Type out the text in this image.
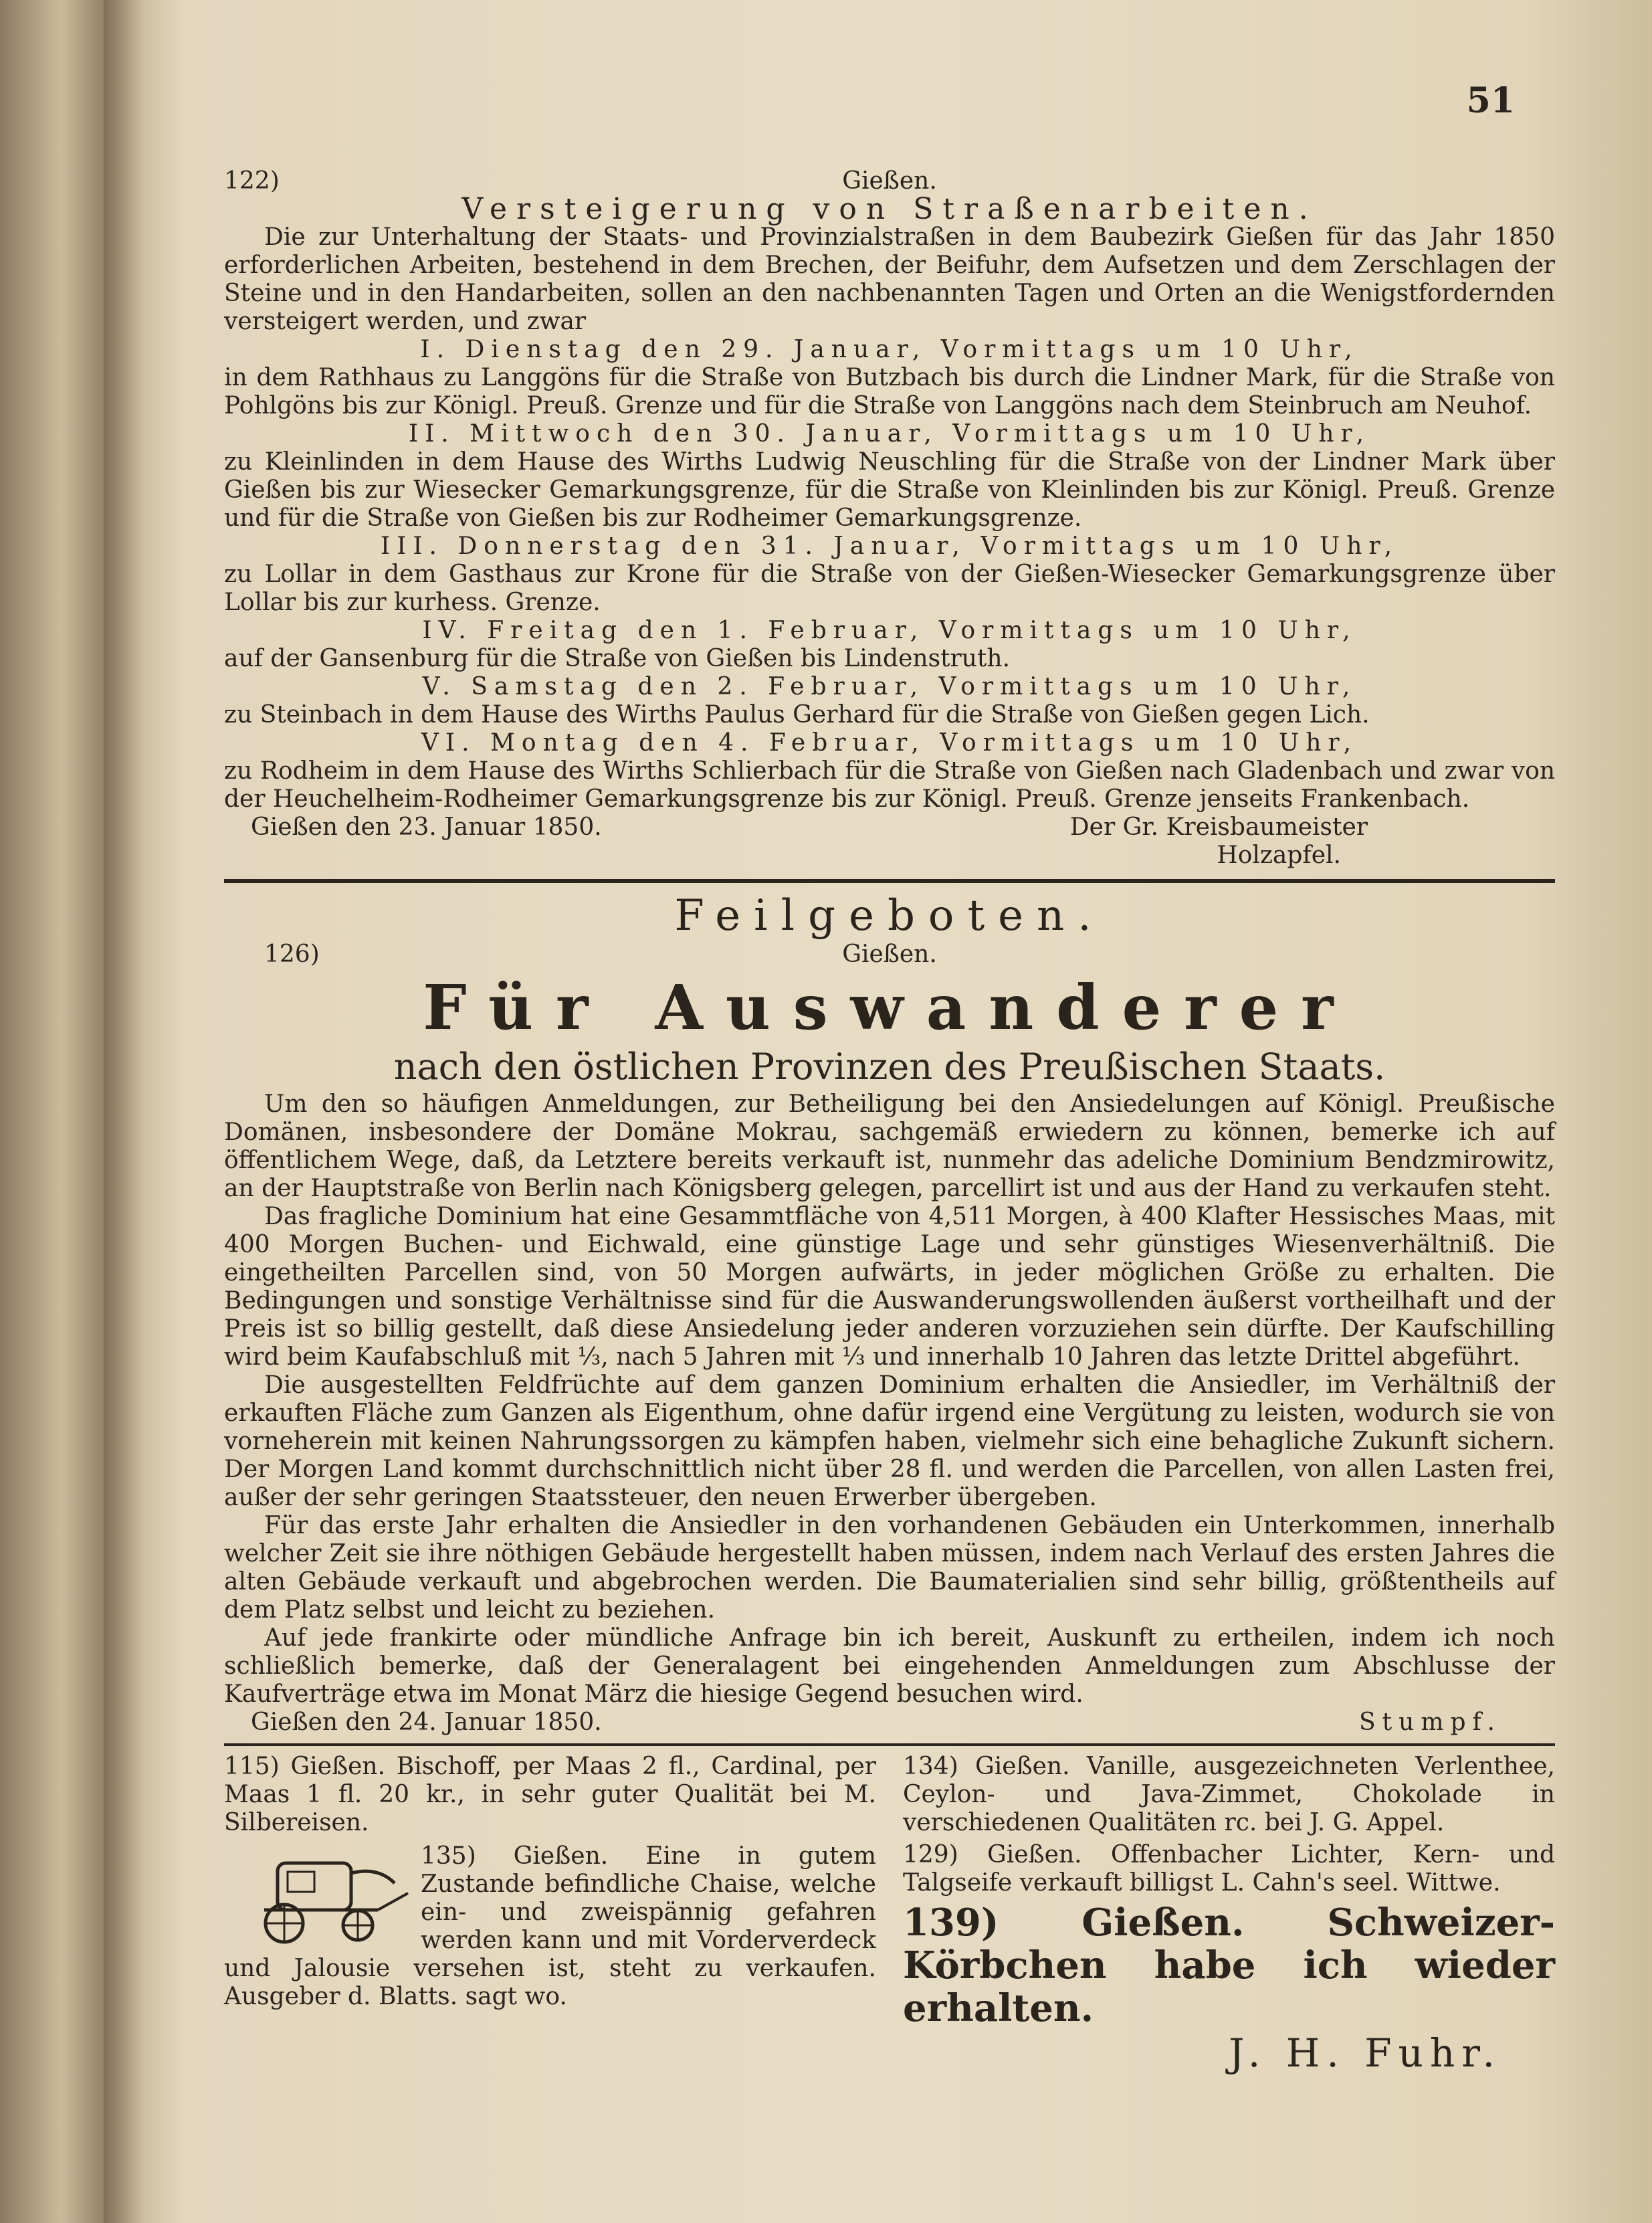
51
122)	Gießen.
Versteigerung von Straßenarbeiten.

Die zur Unterhaltung der Staats- und Provinzialstraßen in dem Baubezirk Gießen für das Jahr 1850 erforderlichen Arbeiten, bestehend in dem Brechen, der Beifuhr, dem Aufsetzen und dem Zerschlagen der Steine und in den Handarbeiten, sollen an den nachbenannten Tagen und Orten an die Wenigstfordernden versteigert werden, und zwar

I. Dienstag den 29. Januar, Vormittags um 10 Uhr,

in dem Rathhaus zu Langgöns für die Straße von Butzbach bis durch die Lindner Mark, für die Straße von Pohlgöns bis zur Königl. Preuß. Grenze und für die Straße von Langgöns nach dem Steinbruch am Neuhof.

II. Mittwoch den 30. Januar, Vormittags um 10 Uhr,

zu Kleinlinden in dem Hause des Wirths Ludwig Neuschling für die Straße von der Lindner Mark über Gießen bis zur Wiesecker Gemarkungsgrenze, für die Straße von Kleinlinden bis zur Königl. Preuß. Grenze und für die Straße von Gießen bis zur Rodheimer Gemarkungsgrenze.

III. Donnerstag den 31. Januar, Vormittags um 10 Uhr,

zu Lollar in dem Gasthaus zur Krone für die Straße von der Gießen-Wiesecker Gemarkungsgrenze über Lollar bis zur kurhess. Grenze.

IV. Freitag den 1. Februar, Vormittags um 10 Uhr,

auf der Gansenburg für die Straße von Gießen bis Lindenstruth.

V. Samstag den 2. Februar, Vormittags um 10 Uhr,

zu Steinbach in dem Hause des Wirths Paulus Gerhard für die Straße von Gießen gegen Lich.

VI. Montag den 4. Februar, Vormittags um 10 Uhr,

zu Rodheim in dem Hause des Wirths Schlierbach für die Straße von Gießen nach Gladenbach und zwar von der Heuchelheim-Rodheimer Gemarkungsgrenze bis zur Königl. Preuß. Grenze jenseits Frankenbach.

Gießen den 23. Januar 1850.	Der Gr. Kreisbaumeister
Holzapfel.
Feilgeboten.
126)	Gießen.
Für Auswanderer
nach den östlichen Provinzen des Preußischen Staats.

Um den so häufigen Anmeldungen, zur Betheiligung bei den Ansiedelungen auf Königl. Preußische Domänen, insbesondere der Domäne Mokrau, sachgemäß erwiedern zu können, bemerke ich auf öffentlichem Wege, daß, da Letztere bereits verkauft ist, nunmehr das adeliche Dominium Bendzmirowitz, an der Hauptstraße von Berlin nach Königsberg gelegen, parcellirt ist und aus der Hand zu verkaufen steht.

Das fragliche Dominium hat eine Gesammtfläche von 4,511 Morgen, à 400 Klafter Hessisches Maas, mit 400 Morgen Buchen- und Eichwald, eine günstige Lage und sehr günstiges Wiesenverhältniß. Die eingetheilten Parcellen sind, von 50 Morgen aufwärts, in jeder möglichen Größe zu erhalten. Die Bedingungen und sonstige Verhältnisse sind für die Auswanderungswollenden äußerst vortheilhaft und der Preis ist so billig gestellt, daß diese Ansiedelung jeder anderen vorzuziehen sein dürfte. Der Kaufschilling wird beim Kaufabschluß mit ⅓, nach 5 Jahren mit ⅓ und innerhalb 10 Jahren das letzte Drittel abgeführt.

Die ausgestellten Feldfrüchte auf dem ganzen Dominium erhalten die Ansiedler, im Verhältniß der erkauften Fläche zum Ganzen als Eigenthum, ohne dafür irgend eine Vergütung zu leisten, wodurch sie von vorneherein mit keinen Nahrungssorgen zu kämpfen haben, vielmehr sich eine behagliche Zukunft sichern. Der Morgen Land kommt durchschnittlich nicht über 28 fl. und werden die Parcellen, von allen Lasten frei, außer der sehr geringen Staatssteuer, den neuen Erwerber übergeben.

Für das erste Jahr erhalten die Ansiedler in den vorhandenen Gebäuden ein Unterkommen, innerhalb welcher Zeit sie ihre nöthigen Gebäude hergestellt haben müssen, indem nach Verlauf des ersten Jahres die alten Gebäude verkauft und abgebrochen werden. Die Baumaterialien sind sehr billig, größtentheils auf dem Platz selbst und leicht zu beziehen.

Auf jede frankirte oder mündliche Anfrage bin ich bereit, Auskunft zu ertheilen, indem ich noch schließlich bemerke, daß der Generalagent bei eingehenden Anmeldungen zum Abschlusse der Kaufverträge etwa im Monat März die hiesige Gegend besuchen wird.

Gießen den 24. Januar 1850.	Stumpf.

115) Gießen. Bischoff, per Maas 2 fl., Cardinal, per Maas 1 fl. 20 kr., in sehr guter Qualität bei M. Silbereisen.

135) Gießen. Eine in gutem Zustande befindliche Chaise, welche ein- und zweispännig gefahren werden kann und mit Vorderverdeck und Jalousie versehen ist, steht zu verkaufen. Ausgeber d. Blatts. sagt wo.

134) Gießen. Vanille, ausgezeichneten Verlenthee, Ceylon- und Java-Zimmet, Chokolade in verschiedenen Qualitäten rc. bei J. G. Appel.

129) Gießen. Offenbacher Lichter, Kern- und Talgseife verkauft billigst L. Cahn's seel. Wittwe.

139) Gießen. Schweizer-Körbchen habe ich wieder erhalten.

J. H. Fuhr.
